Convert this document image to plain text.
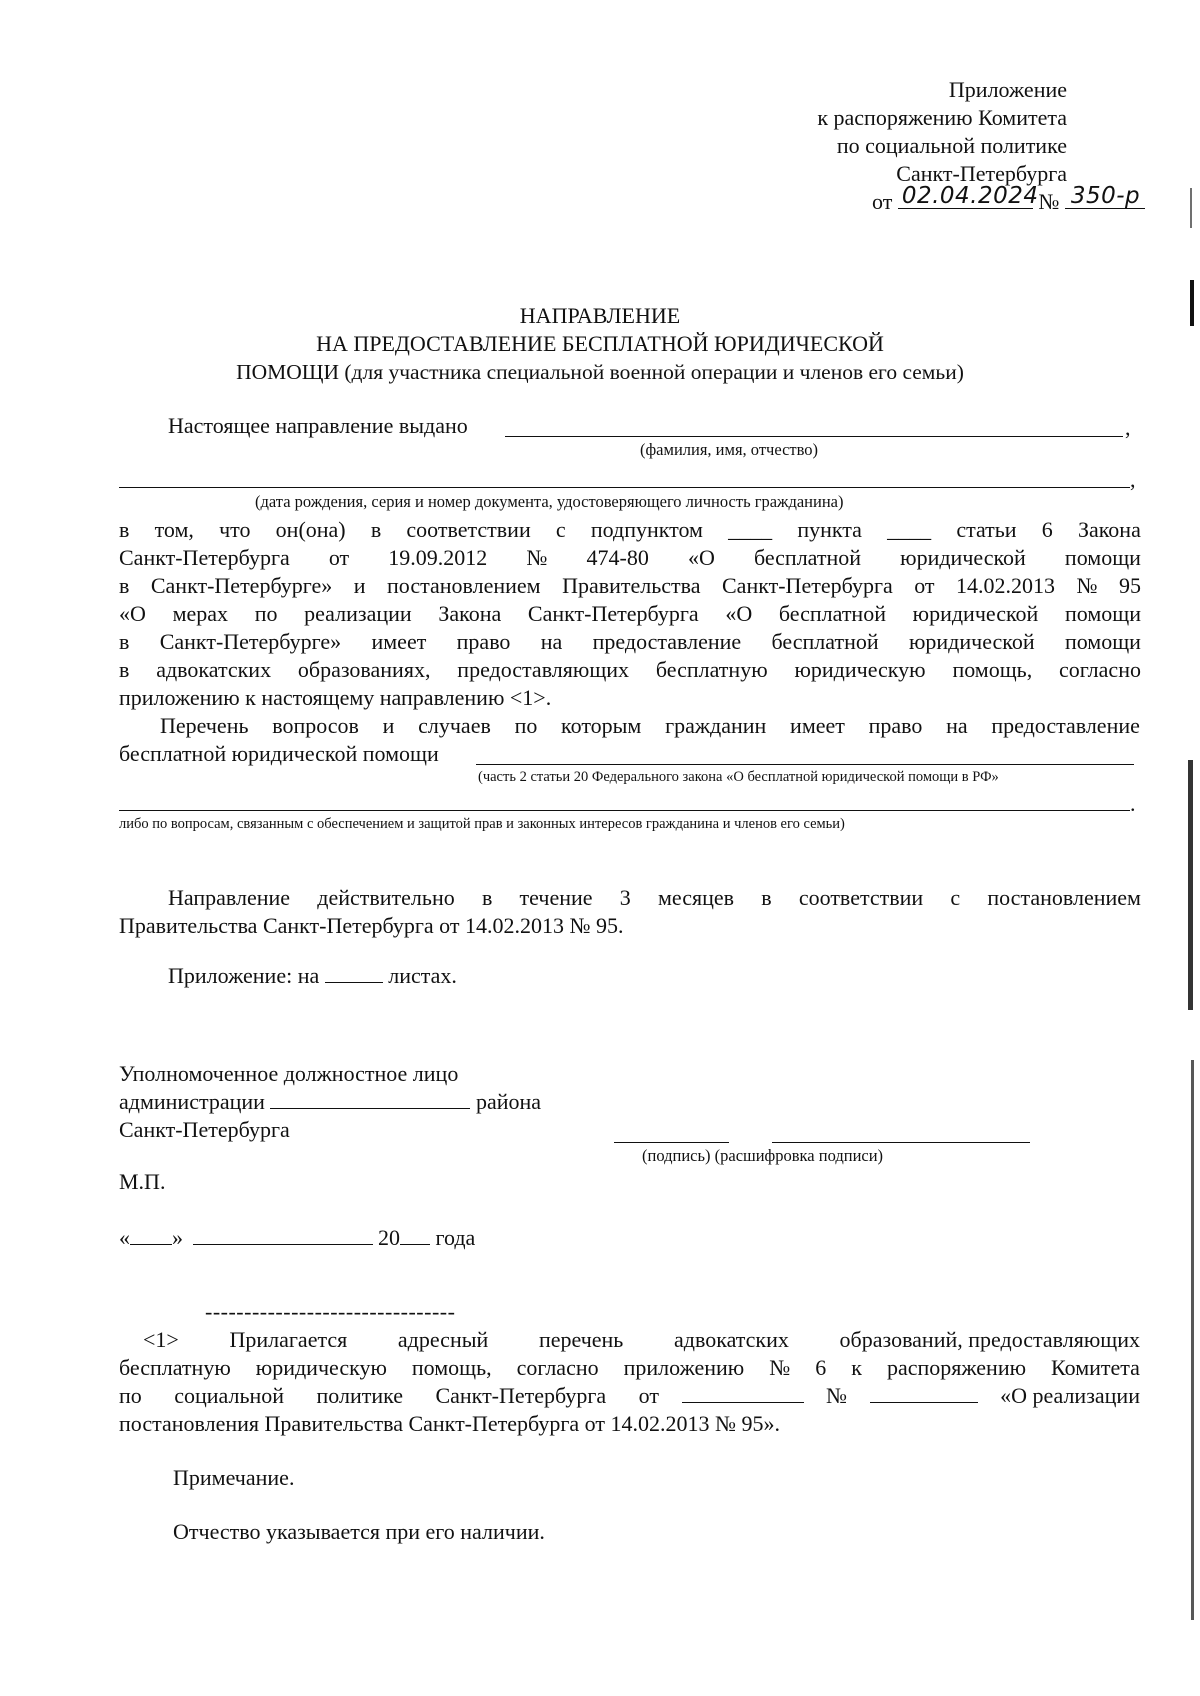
Приложение
к распоряжению Комитета
по социальной политике
Санкт-Петербурга
от 02.04.2024 № 350-р
НАПРАВЛЕНИЕ
НА ПРЕДОСТАВЛЕНИЕ БЕСПЛАТНОЙ ЮРИДИЧЕСКОЙ
ПОМОЩИ (для участника специальной военной операции и членов его семьи)
Настоящее направление выдано	,
(фамилия, имя, отчество)
,
(дата рождения, серия и номер документа, удостоверяющего личность гражданина)
в том, что он(она) в соответствии с подпунктом ____ пункта ____ статьи 6 Закона
Санкт-Петербурга от 19.09.2012 № 474-80 «О бесплатной юридической помощи
в Санкт-Петербурге» и постановлением Правительства Санкт-Петербурга от 14.02.2013 № 95
«О мерах по реализации Закона Санкт-Петербурга «О бесплатной юридической помощи
в Санкт-Петербурге» имеет право на предоставление бесплатной юридической помощи
в адвокатских образованиях, предоставляющих бесплатную юридическую помощь, согласно
приложению к настоящему направлению <1>.
Перечень вопросов и случаев по которым гражданин имеет право на предоставление
бесплатной юридической помощи
(часть 2 статьи 20 Федерального закона «О бесплатной юридической помощи в РФ»
.
либо по вопросам, связанным с обеспечением и защитой прав и законных интересов гражданина и членов его семьи)
Направление действительно в течение 3 месяцев в соответствии с постановлением
Правительства Санкт-Петербурга от 14.02.2013 № 95.
Приложение: на	листах.
Уполномоченное должностное лицо
администрации	района
Санкт-Петербурга
(подпись) (расшифровка подписи)
М.П.
« »	20 года
--------------------------------
<1> Прилагается адресный перечень адвокатских образований, предоставляющих
бесплатную юридическую помощь, согласно приложению № 6 к распоряжению Комитета
по социальной политике Санкт-Петербурга от	№	«О реализации
постановления Правительства Санкт-Петербурга от 14.02.2013 № 95».
Примечание.
Отчество указывается при его наличии.
